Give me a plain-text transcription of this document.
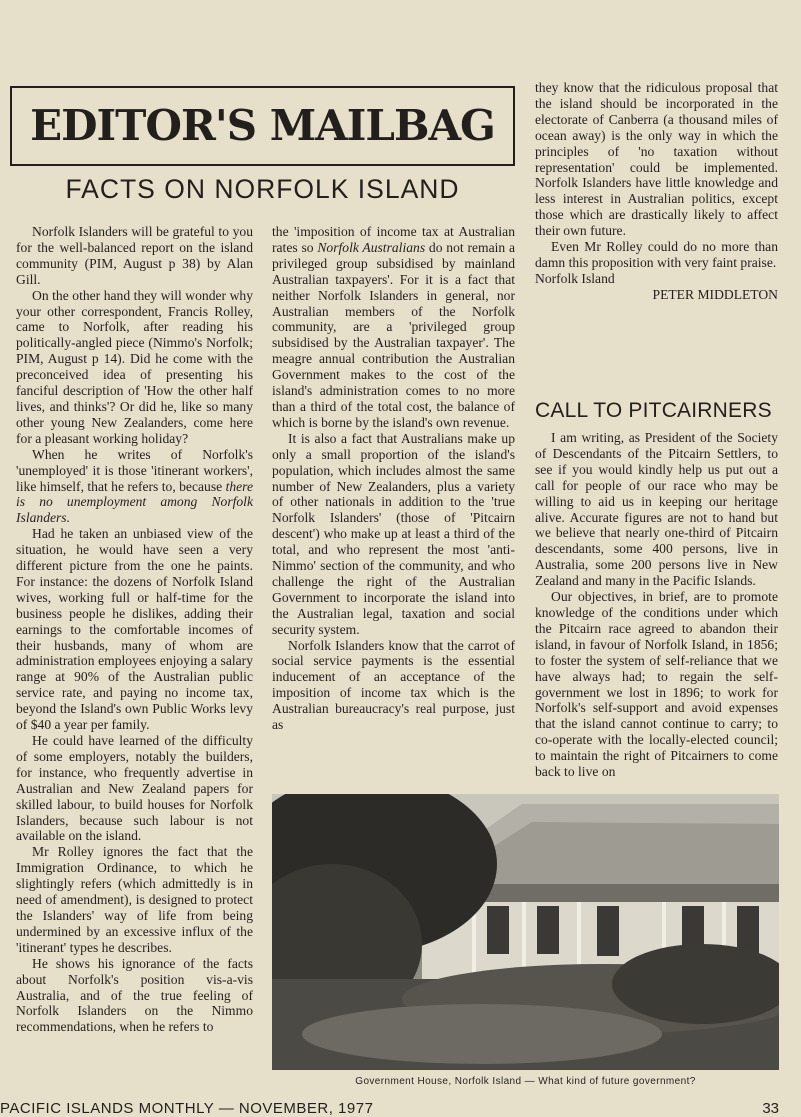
EDITOR'S MAILBAG
FACTS ON NORFOLK ISLAND

Norfolk Islanders will be grateful to you for the well-balanced report on the island community (PIM, August p 38) by Alan Gill.

On the other hand they will wonder why your other correspondent, Francis Rolley, came to Norfolk, after reading his politically-angled piece (Nimmo's Norfolk; PIM, August p 14). Did he come with the preconceived idea of presenting his fanciful description of 'How the other half lives, and thinks'? Or did he, like so many other young New Zealanders, come here for a pleasant working holiday?

When he writes of Norfolk's 'unemployed' it is those 'itinerant workers', like himself, that he refers to, because there is no unemployment among Norfolk Islanders.

Had he taken an unbiased view of the situation, he would have seen a very different picture from the one he paints. For instance: the dozens of Norfolk Island wives, working full or half-time for the business people he dislikes, adding their earnings to the comfortable incomes of their husbands, many of whom are administration employees enjoying a salary range at 90% of the Australian public service rate, and paying no income tax, beyond the Island's own Public Works levy of $40 a year per family.

He could have learned of the difficulty of some employers, notably the builders, for instance, who frequently advertise in Australian and New Zealand papers for skilled labour, to build houses for Norfolk Islanders, because such labour is not available on the island.

Mr Rolley ignores the fact that the Immigration Ordinance, to which he slightingly refers (which admittedly is in need of amendment), is designed to protect the Islanders' way of life from being undermined by an excessive influx of the 'itinerant' types he describes.

He shows his ignorance of the facts about Norfolk's position vis-a-vis Australia, and of the true feeling of Norfolk Islanders on the Nimmo recommendations, when he refers to

the 'imposition of income tax at Australian rates so Norfolk Australians do not remain a privileged group subsidised by mainland Australian taxpayers'. For it is a fact that neither Norfolk Islanders in general, nor Australian members of the Norfolk community, are a 'privileged group subsidised by the Australian taxpayer'. The meagre annual contribution the Australian Government makes to the cost of the island's administration comes to no more than a third of the total cost, the balance of which is borne by the island's own revenue.

It is also a fact that Australians make up only a small proportion of the island's population, which includes almost the same number of New Zealanders, plus a variety of other nationals in addition to the 'true Norfolk Islanders' (those of 'Pitcairn descent') who make up at least a third of the total, and who represent the most 'anti-Nimmo' section of the community, and who challenge the right of the Australian Government to incorporate the island into the Australian legal, taxation and social security system.

Norfolk Islanders know that the carrot of social service payments is the essential inducement of an acceptance of the imposition of income tax which is the Australian bureaucracy's real purpose, just as

they know that the ridiculous proposal that the island should be incorporated in the electorate of Canberra (a thousand miles of ocean away) is the only way in which the principles of 'no taxation without representation' could be implemented. Norfolk Islanders have little knowledge and less interest in Australian politics, except those which are drastically likely to affect their own future.

Even Mr Rolley could do no more than damn this proposition with very faint praise.

Norfolk Island

PETER MIDDLETON

CALL TO PITCAIRNERS

I am writing, as President of the Society of Descendants of the Pitcairn Settlers, to see if you would kindly help us put out a call for people of our race who may be willing to aid us in keeping our heritage alive. Accurate figures are not to hand but we believe that nearly one-third of Pitcairn descendants, some 400 persons, live in Australia, some 200 persons live in New Zealand and many in the Pacific Islands.

Our objectives, in brief, are to promote knowledge of the conditions under which the Pitcairn race agreed to abandon their island, in favour of Norfolk Island, in 1856; to foster the system of self-reliance that we have always had; to regain the self-government we lost in 1896; to work for Norfolk's self-support and avoid expenses that the island cannot continue to carry; to co-operate with the locally-elected council; to maintain the right of Pitcairners to come back to live on

Government House, Norfolk Island — What kind of future government?

PACIFIC ISLANDS MONTHLY — NOVEMBER, 1977	33
